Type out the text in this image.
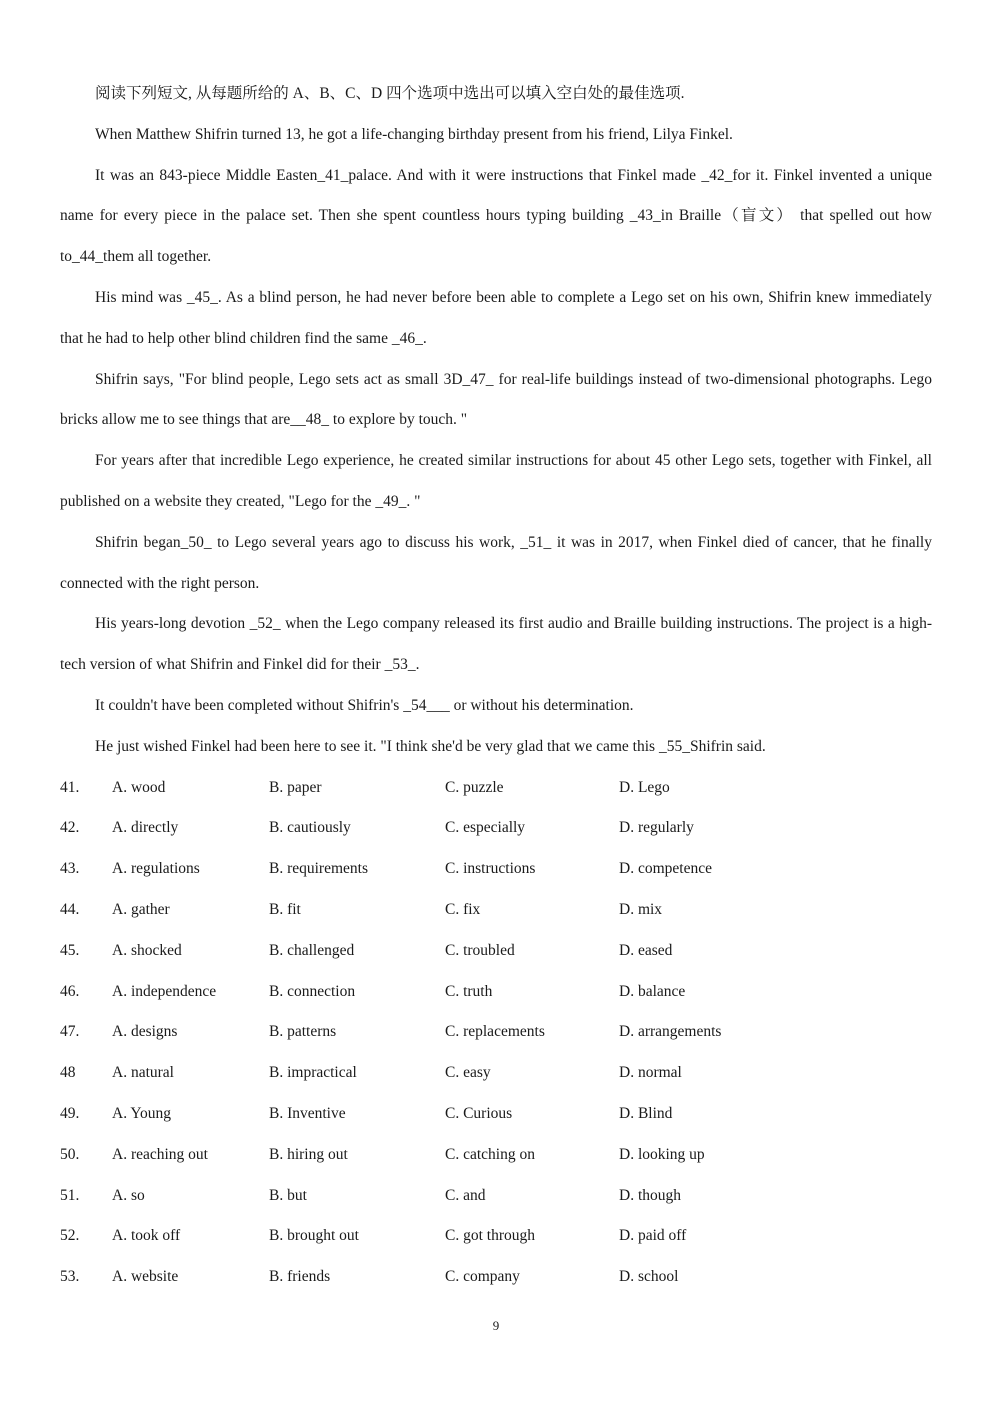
阅读下列短文, 从每题所给的 A、B、C、D 四个选项中选出可以填入空白处的最佳选项.

When Matthew Shifrin turned 13, he got a life-changing birthday present from his friend, Lilya Finkel.

It was an 843-piece Middle Easten_41_palace. And with it were instructions that Finkel made _42_for it. Finkel invented a unique name for every piece in the palace set. Then she spent countless hours typing building _43_in Braille（盲文） that spelled out how to_44_them all together.

His mind was _45_. As a blind person, he had never before been able to complete a Lego set on his own, Shifrin knew immediately that he had to help other blind children find the same _46_.

Shifrin says, "For blind people, Lego sets act as small 3D_47_ for real-life buildings instead of two-dimensional photographs. Lego bricks allow me to see things that are__48_ to explore by touch. "

For years after that incredible Lego experience, he created similar instructions for about 45 other Lego sets, together with Finkel, all published on a website they created, "Lego for the _49_. "

Shifrin began_50_ to Lego several years ago to discuss his work, _51_ it was in 2017, when Finkel died of cancer, that he finally connected with the right person.

His years-long devotion _52_ when the Lego company released its first audio and Braille building instructions. The project is a high-tech version of what Shifrin and Finkel did for their _53_.

It couldn't have been completed without Shifrin's _54___ or without his determination.

He just wished Finkel had been here to see it. "I think she'd be very glad that we came this _55_Shifrin said.

41. A. wood	B. paper	C. puzzle	D. Lego
42. A. directly	B. cautiously	C. especially	D. regularly
43. A. regulations	B. requirements	C. instructions	D. competence
44. A. gather	B. fit	C. fix	D. mix
45. A. shocked	B. challenged	C. troubled	D. eased
46. A. independence	B. connection	C. truth	D. balance
47. A. designs	B. patterns	C. replacements	D. arrangements
48 A. natural	B. impractical	C. easy	D. normal
49. A. Young	B. Inventive	C. Curious	D. Blind
50. A. reaching out	B. hiring out	C. catching on	D. looking up
51. A. so	B. but	C. and	D. though
52. A. took off	B. brought out	C. got through	D. paid off
53. A. website	B. friends	C. company	D. school
9
